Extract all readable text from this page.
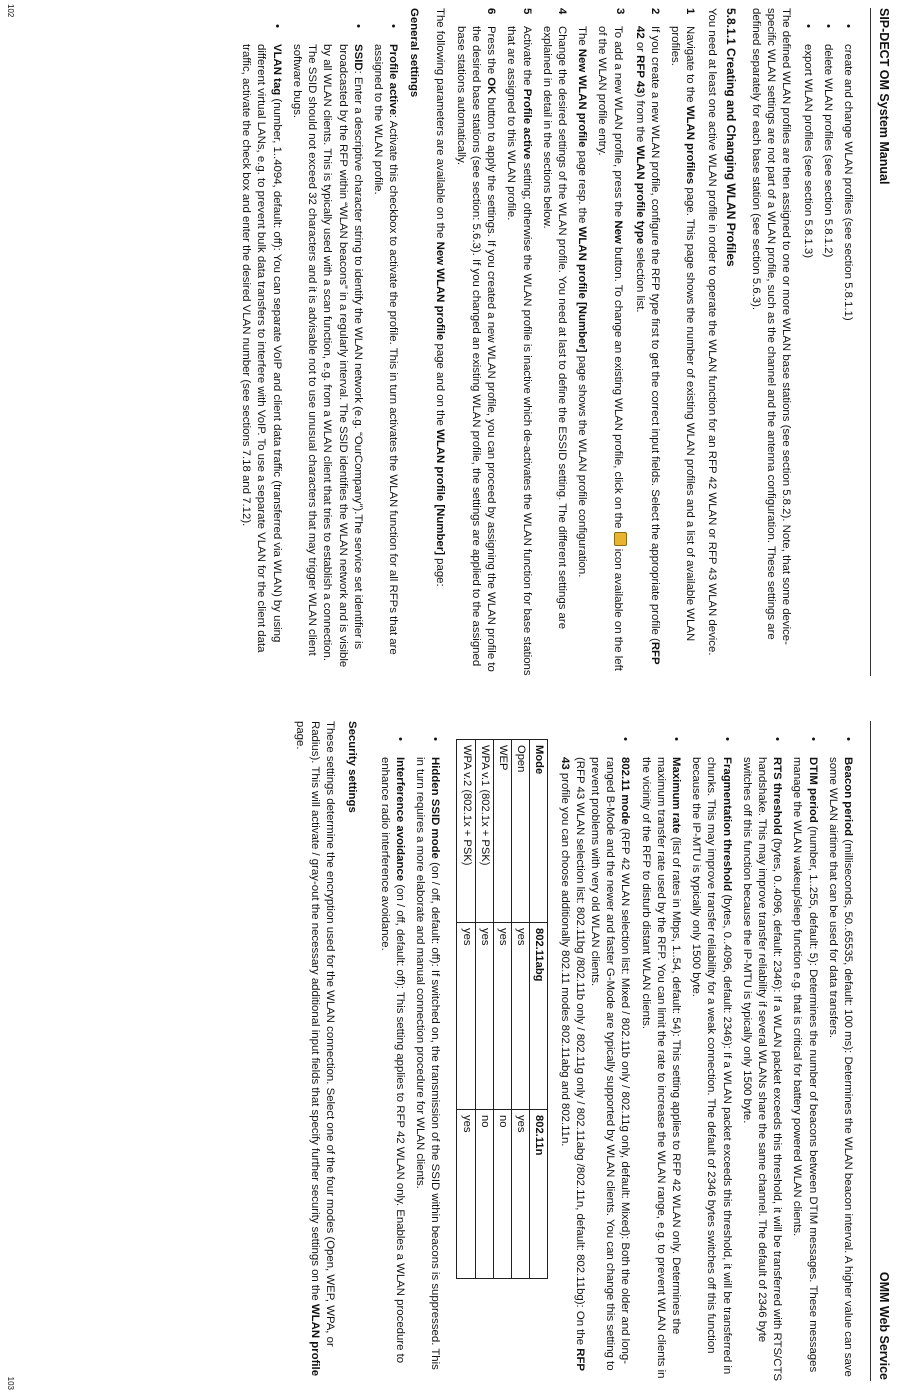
SIP-DECT OM System Manual
• create and change WLAN profiles (see section 5.8.1.1)
• delete WLAN profiles (see section 5.8.1.2)
• export WLAN profiles (see section 5.8.1.3)

The defined WLAN profiles are then assigned to one or more WLAN base stations (see section 5.8.2). Note, that some device-specific WLAN settings are not part of a WLAN profile, such as the channel and the antenna configuration. These settings are defined separately for each base station (see section 5.6.3).

5.8.1.1 Creating and Changing WLAN Profiles

You need at least one active WLAN profile in order to operate the WLAN function for an RFP 42 WLAN or RFP 43 WLAN device.

1
Navigate to the WLAN profiles page. This page shows the number of existing WLAN profiles and a list of available WLAN profiles.
2
If you create a new WLAN profile, configure the RFP type first to get the correct input fields. Select the appropriate profile (RFP 42 or RFP 43) from the WLAN profile type selection list.
3
To add a new WLAN profile, press the New button. To change an existing WLAN profile, click on the icon available on the left of the WLAN profile entry.
The New WLAN profile page resp. the WLAN profile [Number] page shows the WLAN profile configuration.
4
Change the desired settings of the WLAN profile. You need at last to define the ESSID setting. The different settings are explained in detail in the sections below.
5
Activate the Profile active setting; otherwise the WLAN profile is inactive which de-activates the WLAN function for base stations that are assigned to this WLAN profile.
6
Press the OK button to apply the settings. If you created a new WLAN profile, you can proceed by assigning the WLAN profile to the desired base stations (see section: 5.6.3). If you changed an existing WLAN profile, the settings are applied to the assigned base stations automatically.

The following parameters are available on the New WLAN profile page and on the WLAN profile [Number] page:

General settings
• Profile active: Activate this checkbox to activate the profile. This in turn activates the WLAN function for all RFPs that are assigned to the WLAN profile.
• SSID: Enter a descriptive character string to identify the WLAN network (e.g. “OurCompany”).The service set identifier is broadcasted by the RFP within “WLAN beacons” in a regularly interval. The SSID identifies the WLAN network and is visible by all WLAN clients. This is typically used with a scan function, e.g. from a WLAN client that tries to establish a connection. The SSID should not exceed 32 characters and it is advisable not to use unusual characters that may trigger WLAN client software bugs.
• VLAN tag (number, 1..4094, default: off): You can separate VoIP and client data traffic (transferred via WLAN) by using different virtual LANs, e.g. to prevent bulk data transfers to interfere with VoIP. To use a separate VLAN for the client data traffic, activate the check box and enter the desired VLAN number (see sections 7.18 and 7.12).
102
OMM Web Service
• Beacon period (milliseconds, 50..65535, default: 100 ms): Determines the WLAN beacon interval. A higher value can save some WLAN airtime that can be used for data transfers.
• DTIM period (number, 1..255, default: 5): Determines the number of beacons between DTIM messages. These messages manage the WLAN wakeup/sleep function e.g. that is critical for battery powered WLAN clients.
• RTS threshold (bytes, 0..4096, default: 2346): If a WLAN packet exceeds this threshold, it will be transferred with RTS/CTS handshake. This may improve transfer reliability if several WLANs share the same channel. The default of 2346 byte switches off this function because the IP-MTU is typically only 1500 byte.
• Fragmentation threshold (bytes, 0..4096, default: 2346): If a WLAN packet exceeds this threshold, it will be transferred in chunks. This may improve transfer reliability for a weak connection. The default of 2346 bytes switches off this function because the IP-MTU is typically only 1500 byte.
• Maximum rate (list of rates in Mbps, 1..54, default: 54): This setting applies to RFP 42 WLAN only. Determines the maximum transfer rate used by the RFP. You can limit the rate to increase the WLAN range, e.g. to prevent WLAN clients in the vicinity of the RFP to disturb distant WLAN clients.
• 802.11 mode (RFP 42 WLAN selection list: Mixed / 802.11b only / 802.11g only, default: Mixed): Both the older and long-ranged B-Mode and the newer and faster G-Mode are typically supported by WLAN clients. You can change this setting to prevent problems with very old WLAN clients.
(RFP 43 WLAN selection list: 802.11bg /802.11b only / 802.11g only / 802.11abg /802.11n, default: 802.11bg): On the RFP 43 profile you can choose additionally 802.11 modes 802.11abg and 802.11n.
Mode	802.11abg	802.11n
Open	yes	yes
WEP	yes	no
WPA v.1 (802.1x + PSK)	yes	no
WPA v.2 (802.1x + PSK)	yes	yes
• Hidden SSID mode (on / off, default: off): If switched on, the transmission of the SSID within beacons is suppressed. This in turn requires a more elaborate and manual connection procedure for WLAN clients.
• Interference avoidance (on / off, default: off): This setting applies to RFP 42 WLAN only. Enables a WLAN procedure to enhance radio interference avoidance.
Security settings

These settings determine the encryption used for the WLAN connection. Select one of the four modes (Open, WEP, WPA, or Radius). This will activate / gray-out the necessary additional input fields that specify further security settings on the WLAN profile page.

103
